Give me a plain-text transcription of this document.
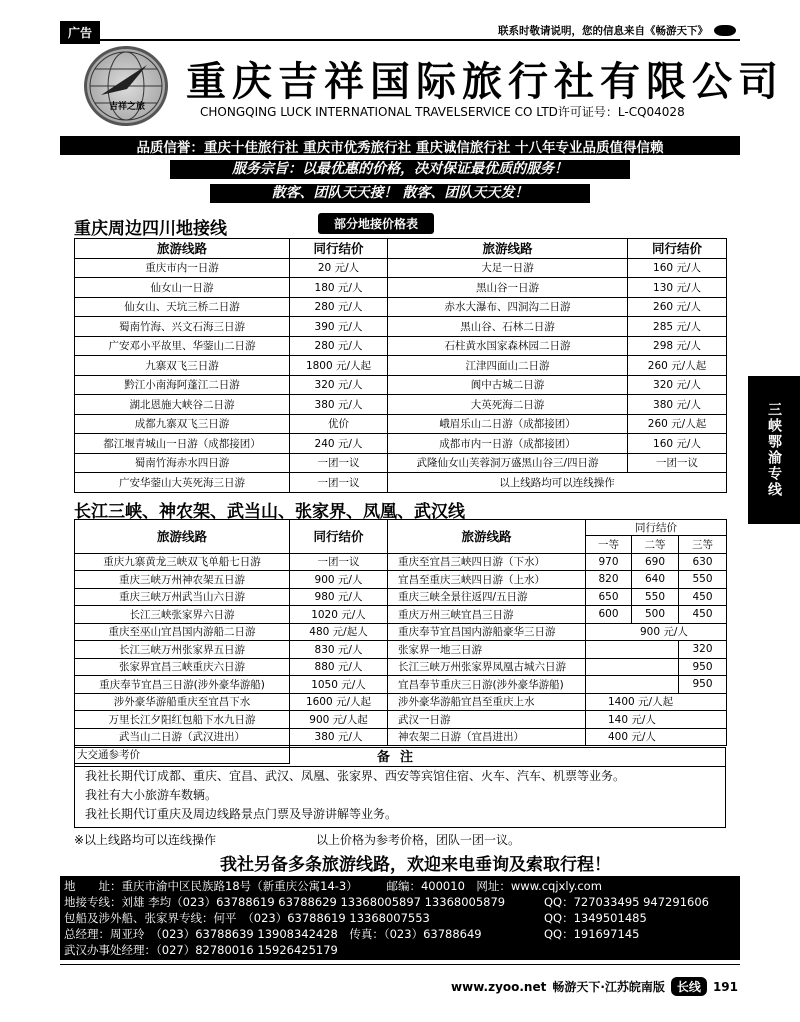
广告	联系时敬请说明，您的信息来自《畅游天下》
吉祥之旅
重庆吉祥国际旅行社有限公司
CHONGQING LUCK INTERNATIONAL TRAVELSERVICE CO LTD许可证号：L-CQ04028
品质信誉：重庆十佳旅行社 重庆市优秀旅行社 重庆诚信旅行社 十八年专业品质值得信赖
服务宗旨：以最优惠的价格，决对保证最优质的服务！
散客、团队天天接！ 散客、团队天天发！
重庆周边四川地接线	部分地接价格表
旅游线路	同行结价	旅游线路	同行结价
重庆市内一日游	20 元/人	大足一日游	160 元/人
仙女山一日游	180 元/人	黑山谷一日游	130 元/人
仙女山、天坑三桥二日游	280 元/人	赤水大瀑布、四洞沟二日游	260 元/人
蜀南竹海、兴文石海三日游	390 元/人	黑山谷、石林二日游	285 元/人
广安邓小平故里、华蓥山二日游	280 元/人	石柱黄水国家森林园二日游	298 元/人
九寨双飞三日游	1800 元/人起	江津四面山二日游	260 元/人起
黔江小南海阿蓬江二日游	320 元/人	阆中古城二日游	320 元/人
湖北恩施大峡谷二日游	380 元/人	大英死海二日游	380 元/人
成都九寨双飞三日游	优价	峨眉乐山二日游（成都接团）	260 元/人起
都江堰青城山一日游（成都接团）	240 元/人	成都市内一日游（成都接团）	160 元/人
蜀南竹海赤水四日游	一团一议	武隆仙女山芙蓉洞万盛黑山谷三/四日游	一团一议
广安华蓥山大英死海三日游	一团一议	以上线路均可以连线操作	
长江三峡、神农架、武当山、张家界、凤凰、武汉线
旅游线路	同行结价	旅游线路	同行结价		
			一等	二等	三等
重庆九寨黄龙三峡双飞单船七日游	一团一议	重庆至宜昌三峡四日游（下水）	970	690	630
重庆三峡万州神农架五日游	900 元/人	宜昌至重庆三峡四日游（上水）	820	640	550
重庆三峡万州武当山六日游	980 元/人	重庆三峡全景往返四/五日游	650	550	450
长江三峡张家界六日游	1020 元/人	重庆万州三峡宜昌三日游	600	500	450
重庆至巫山宜昌国内游船二日游	480 元/起人	重庆奉节宜昌国内游船豪华三日游	900 元/人		
长江三峡万州张家界五日游	830 元/人	张家界一地三日游			320
张家界宜昌三峡重庆六日游	880 元/人	长江三峡万州张家界凤凰古城六日游			950
重庆奉节宜昌三日游(涉外豪华游船)	1050 元/人	宜昌奉节重庆三日游(涉外豪华游船)			950
涉外豪华游船重庆至宜昌下水	1600 元/人起	涉外豪华游船宜昌至重庆上水	1400 元/人起		
万里长江夕阳红包船下水九日游	900 元/人起	武汉一日游	140 元/人		
武当山二日游（武汉进出）	380 元/人	神农架二日游（宜昌进出）	400 元/人		
大交通参考价						备注

我社长期代订成都、重庆、宜昌、武汉、凤凰、张家界、西安等宾馆住宿、火车、汽车、机票等业务。

我社有大小旅游车数辆。

我社长期代订重庆及周边线路景点门票及导游讲解等业务。

※以上线路均可以连线操作	以上价格为参考价格，团队一团一议。
我社另备多条旅游线路，欢迎来电垂询及索取行程！
地　　址：重庆市渝中区民族路18号（新重庆公寓14-3）　　　邮编：400010　网址：www.cqjxly.com
地接专线：刘雄 李均（023）63788619 63788629 13368005897 13368005879	QQ：727033495 947291606
包船及涉外船、张家界专线：何平　（023）63788619 13368007553	QQ：1349501485
总经理：周亚玲　（023）63788639 13908342428　传真：（023）63788649	QQ：191697145
武汉办事处经理：（027）82780016 15926425179
www.zyoo.net 畅游天下·江苏皖南版	长线	191
三峡鄂渝专线
